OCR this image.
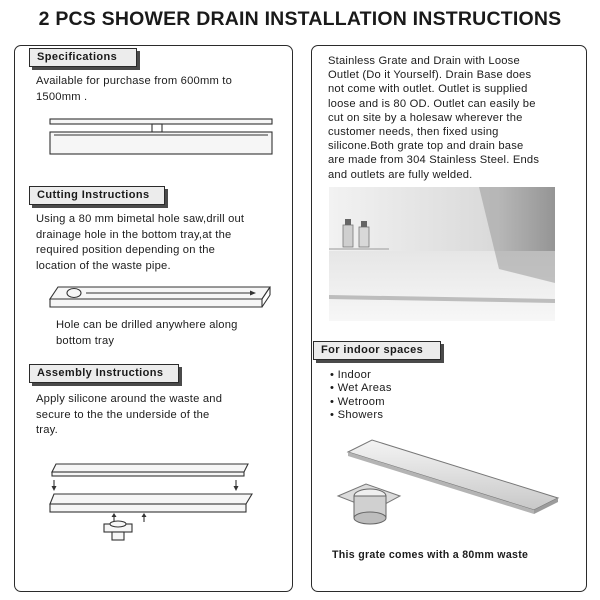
2 PCS SHOWER DRAIN INSTALLATION INSTRUCTIONS
Specifications
Available for purchase from 600mm to
1500mm .
Cutting Instructions
Using a 80 mm bimetal hole saw,drill out
drainage hole in the bottom tray,at the
required position depending on the
location of the waste pipe.
Hole can be drilled anywhere along
bottom tray
Assembly Instructions
Apply silicone around the waste and
secure to the the underside of the
tray.
Stainless Grate and Drain with Loose
Outlet (Do it Yourself). Drain Base does
not come with outlet. Outlet is supplied
loose and is 80 OD. Outlet can easily be
cut on site by a holesaw wherever the
customer needs, then fixed using
silicone.Both grate top and drain base
are made from 304 Stainless Steel. Ends
and outlets are fully welded.
For indoor spaces
• Indoor
• Wet Areas
• Wetroom
• Showers
This grate comes with a 80mm waste
